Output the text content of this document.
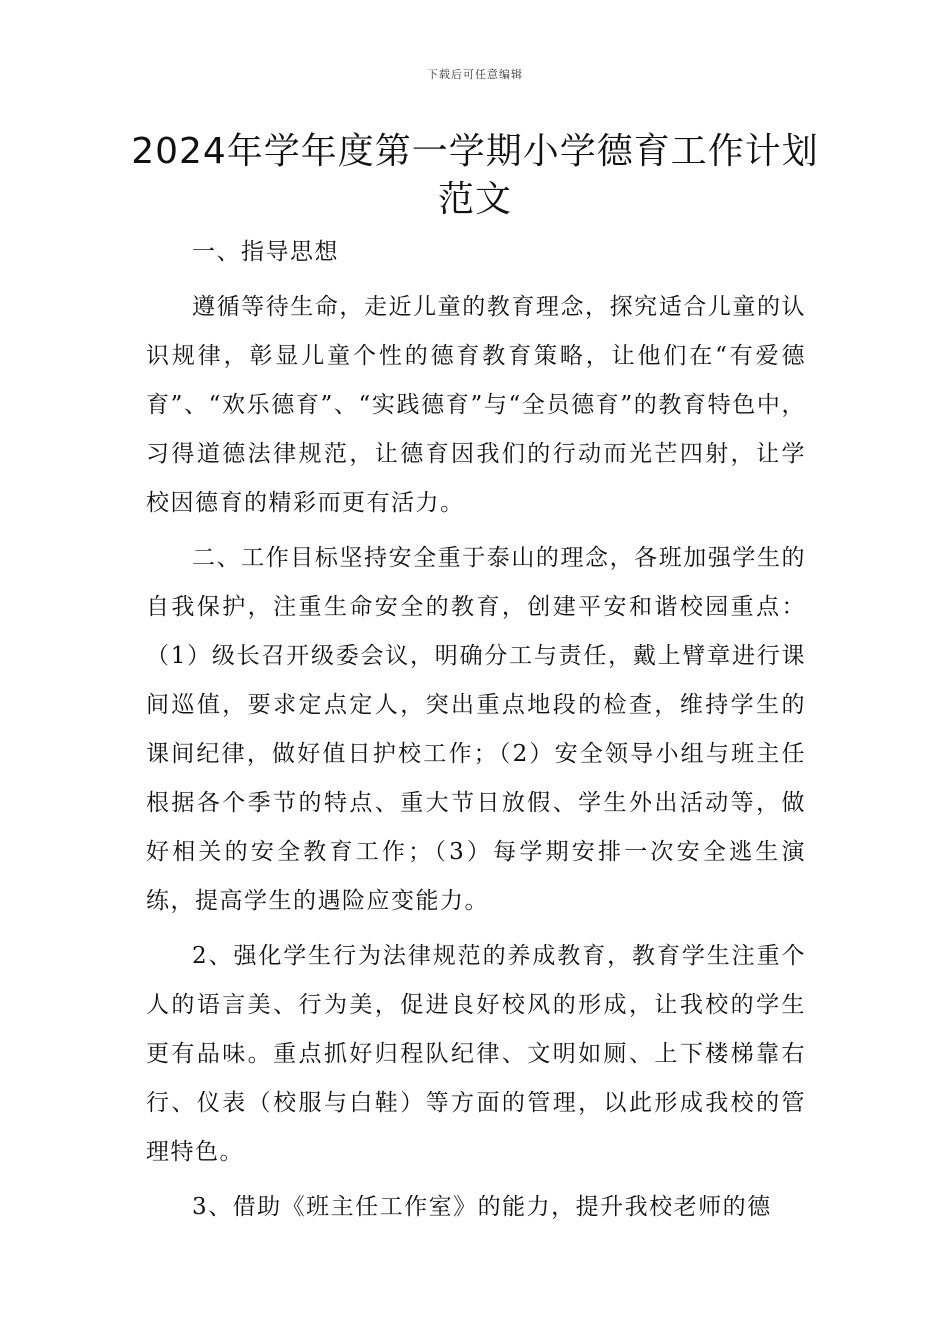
下载后可任意编辑
2024年学年度第一学期小学德育工作计划
范文

一、指导思想

遵循等待生命，走近儿童的教育理念，探究适合儿童的认识规律，彰显儿童个性的德育教育策略，让他们在“有爱德育”、“欢乐德育”、“实践德育”与“全员德育”的教育特色中，习得道德法律规范，让德育因我们的行动而光芒四射，让学校因德育的精彩而更有活力。

二、工作目标坚持安全重于泰山的理念，各班加强学生的自我保护，注重生命安全的教育，创建平安和谐校园重点：（1）级长召开级委会议，明确分工与责任，戴上臂章进行课间巡值，要求定点定人，突出重点地段的检查，维持学生的课间纪律，做好值日护校工作；（2）安全领导小组与班主任根据各个季节的特点、重大节日放假、学生外出活动等，做好相关的安全教育工作；（3）每学期安排一次安全逃生演练，提高学生的遇险应变能力。

2、强化学生行为法律规范的养成教育，教育学生注重个人的语言美、行为美，促进良好校风的形成，让我校的学生更有品味。重点抓好归程队纪律、文明如厕、上下楼梯靠右行、仪表（校服与白鞋）等方面的管理，以此形成我校的管理特色。

3、借助《班主任工作室》的能力，提升我校老师的德
